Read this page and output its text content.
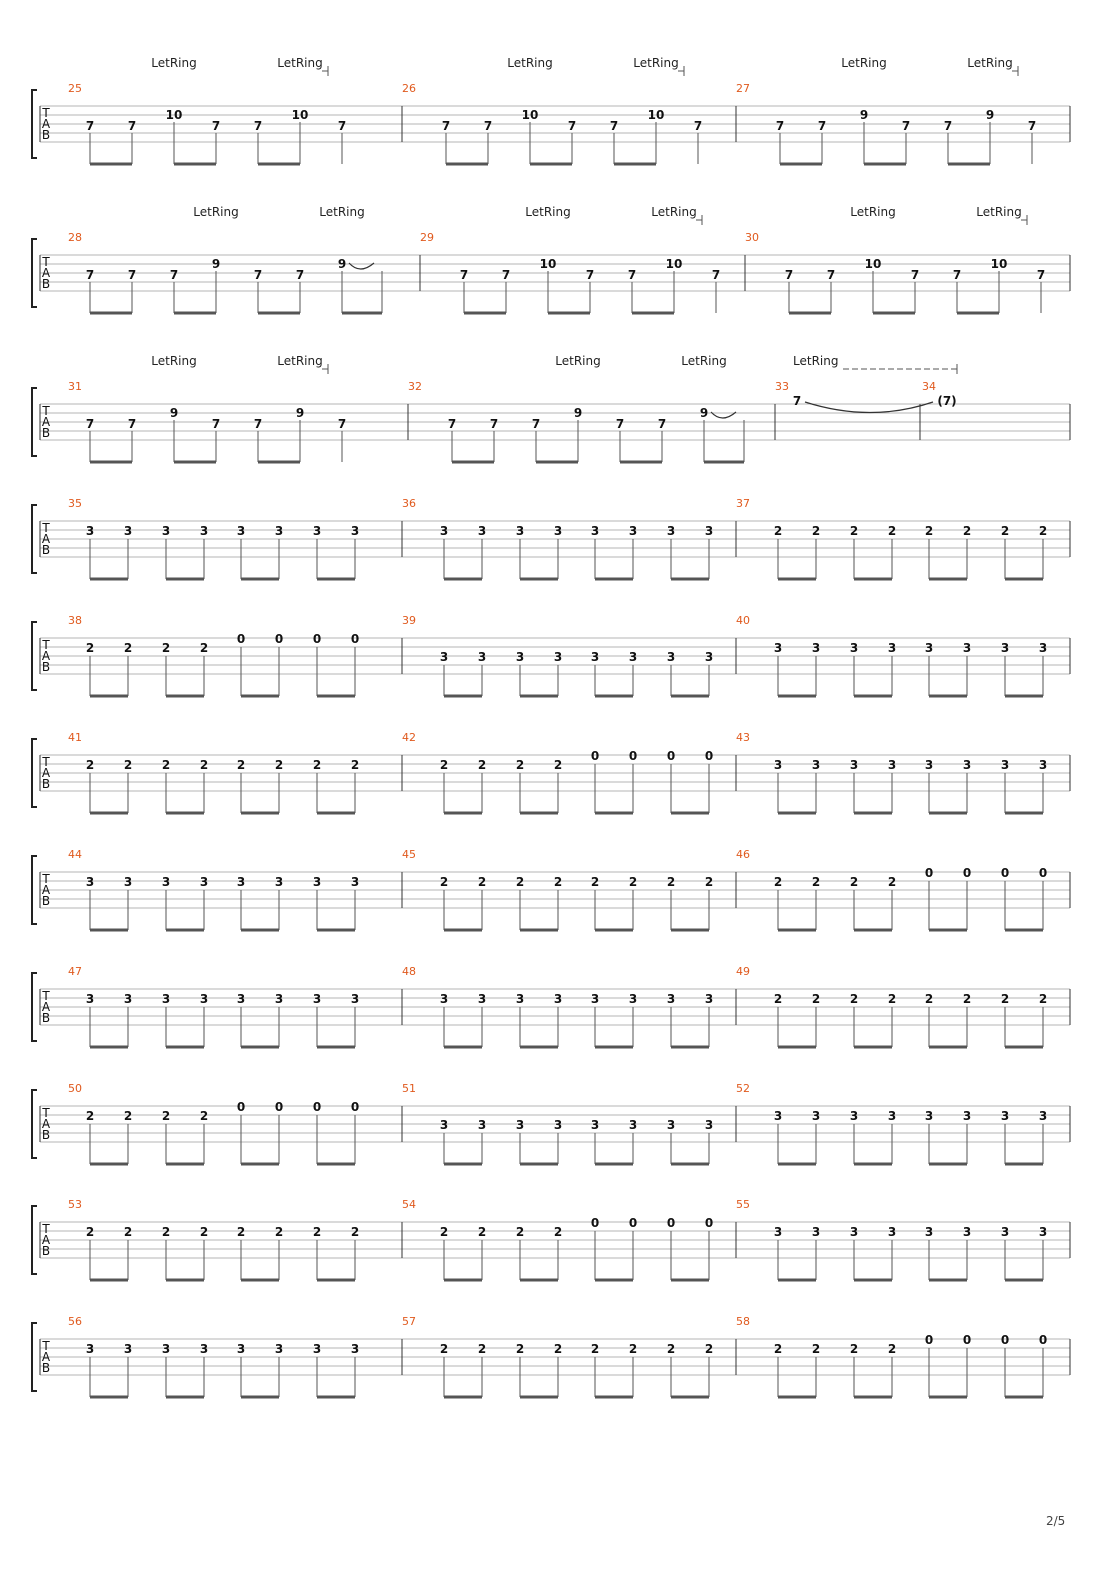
T
A
B
25
7	7
10
7	7
10
7
LetRing	LetRing
26
7	7
10
7	7
10
7
LetRing	LetRing
27
7	7
9
7	7
9
7
LetRing	LetRing
T
A
B
28
7	7	7
9
7	7
9
LetRing	LetRing
29
7	7
10
7	7
10
7
LetRing	LetRing
30
7	7
10
7	7
10
7
LetRing	LetRing
T
A
B
31
7	7
9
7	7
9
7
LetRing	LetRing
32
7	7	7
9
7	7
9
LetRing	LetRing
33
7	(7)
34
LetRing
T
A
B
35
3 3 3 3 3 3 3 3
36
3 3 3 3 3 3 3 3
37
2 2 2 2 2 2 2 2
T
A
B
38
2 2 2 2
0 0 0 0
39
3 3 3 3 3 3 3 3
40
3 3 3 3 3 3 3 3
T
A
B
41
2 2 2 2 2 2 2 2
42
2 2 2 2
0 0 0 0
43
3 3 3 3 3 3 3 3
T
A
B
44
3 3 3 3 3 3 3 3
45
2 2 2 2 2 2 2 2
46
2 2 2 2
0 0 0 0
T
A
B
47
3 3 3 3 3 3 3 3
48
3 3 3 3 3 3 3 3
49
2 2 2 2 2 2 2 2
T
A
B
50
2 2 2 2
0 0 0 0
51
3 3 3 3 3 3 3 3
52
3 3 3 3 3 3 3 3
T
A
B
53
2 2 2 2 2 2 2 2
54
2 2 2 2
0 0 0 0
55
3 3 3 3 3 3 3 3
T
A
B
56
3 3 3 3 3 3 3 3
57
2 2 2 2 2 2 2 2
58
2 2 2 2
0 0 0 0
2/5
